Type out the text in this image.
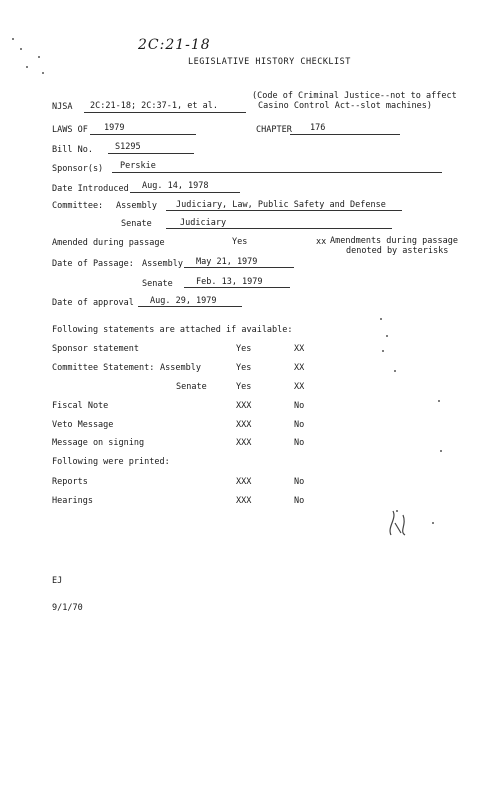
2C:21-18
LEGISLATIVE HISTORY CHECKLIST
NJSA 2C:21-18; 2C:37-1, et al.
(Code of Criminal Justice--not to affect
Casino Control Act--slot machines)
LAWS OF 1979	CHAPTER 176
Bill No.	S1295
Sponsor(s) Perskie
Date Introduced Aug. 14, 1978
Committee: Assembly Judiciary, Law, Public Safety and Defense
Senate	Judiciary
Amended during passage	Yes	xx Amendments during passage
denoted by asterisks
Date of Passage: Assembly May 21, 1979
Senate	Feb. 13, 1979
Date of approval Aug. 29, 1979
Following statements are attached if available:
Sponsor statement	Yes	XX
Committee Statement: Assembly	Yes	XX
Senate	Yes	XX
Fiscal Note	XXX	No
Veto Message	XXX	No
Message on signing	XXX	No
Following were printed:
Reports	XXX	No
Hearings	XXX	No
EJ
9/1/70
